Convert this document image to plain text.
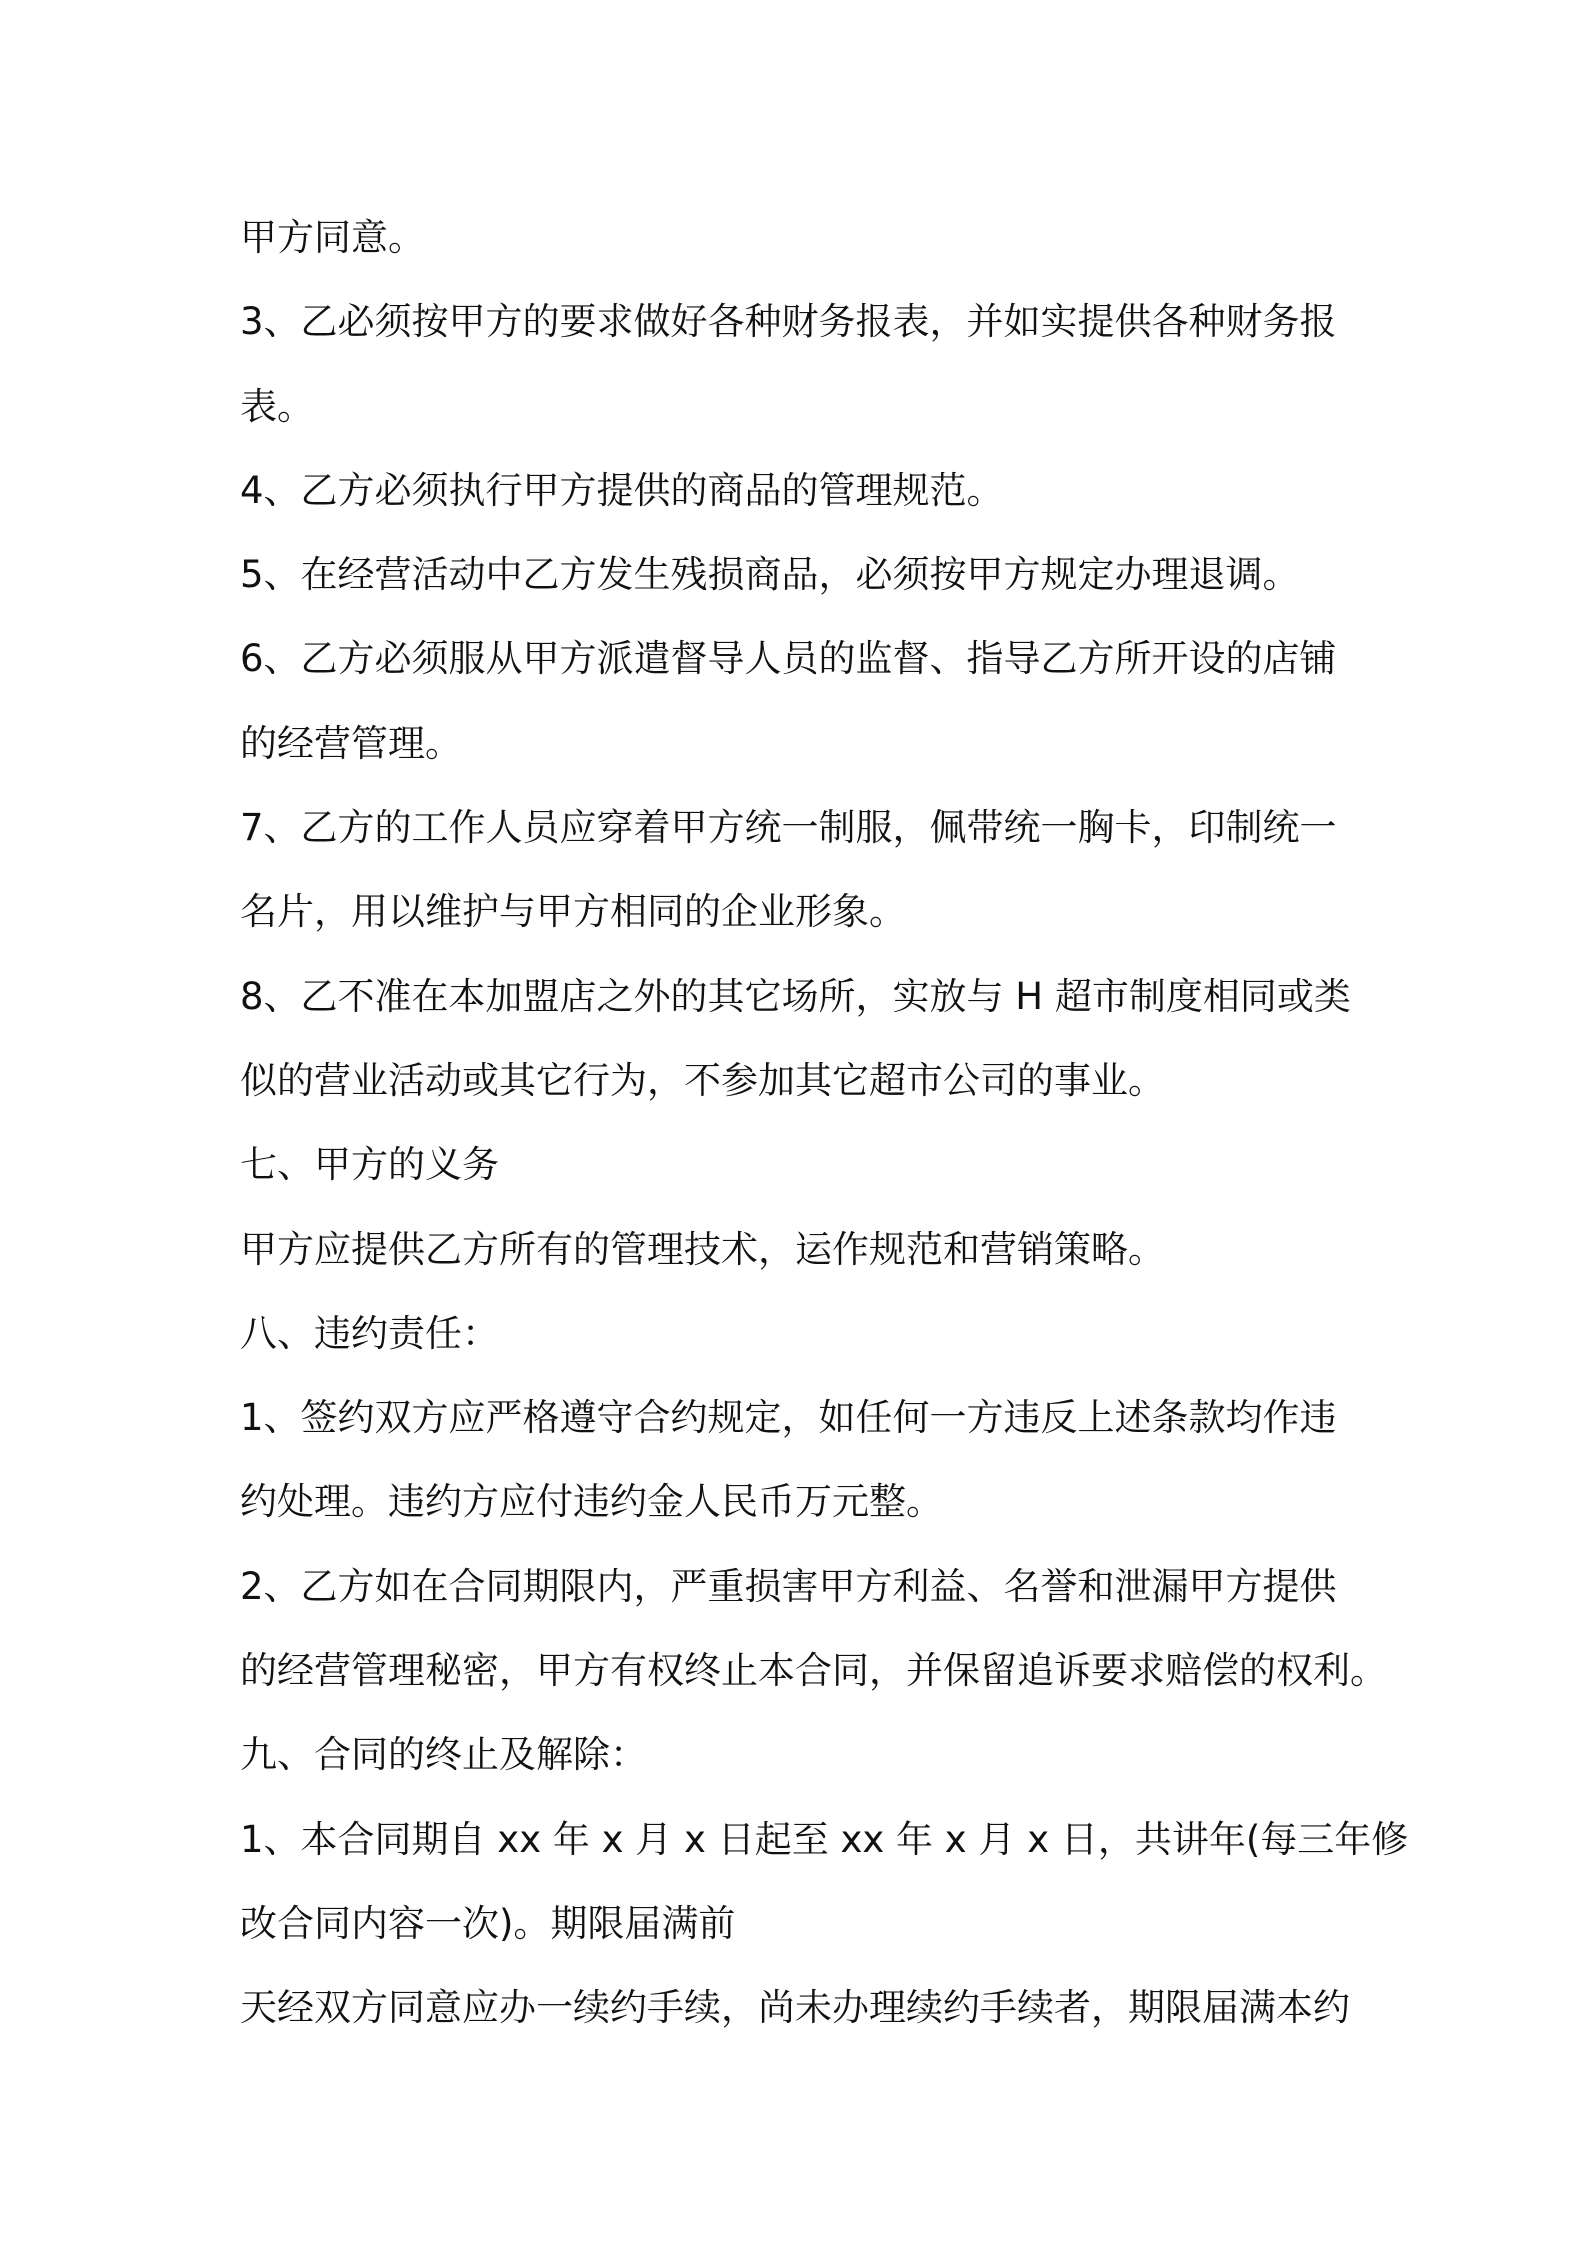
甲方同意。
3、乙必须按甲方的要求做好各种财务报表，并如实提供各种财务报
表。
4、乙方必须执行甲方提供的商品的管理规范。
5、在经营活动中乙方发生残损商品，必须按甲方规定办理退调。
6、乙方必须服从甲方派遣督导人员的监督、指导乙方所开设的店铺
的经营管理。
7、乙方的工作人员应穿着甲方统一制服，佩带统一胸卡，印制统一
名片，用以维护与甲方相同的企业形象。
8、乙不准在本加盟店之外的其它场所，实放与 H 超市制度相同或类
似的营业活动或其它行为，不参加其它超市公司的事业。
七、甲方的义务
甲方应提供乙方所有的管理技术，运作规范和营销策略。
八、违约责任：
1、签约双方应严格遵守合约规定，如任何一方违反上述条款均作违
约处理。违约方应付违约金人民币万元整。
2、乙方如在合同期限内，严重损害甲方利益、名誉和泄漏甲方提供
的经营管理秘密，甲方有权终止本合同，并保留追诉要求赔偿的权利。
九、合同的终止及解除：
1、本合同期自 xx 年 x 月 x 日起至 xx 年 x 月 x 日，共讲年(每三年修
改合同内容一次)。期限届满前
天经双方同意应办一续约手续，尚未办理续约手续者，期限届满本约
